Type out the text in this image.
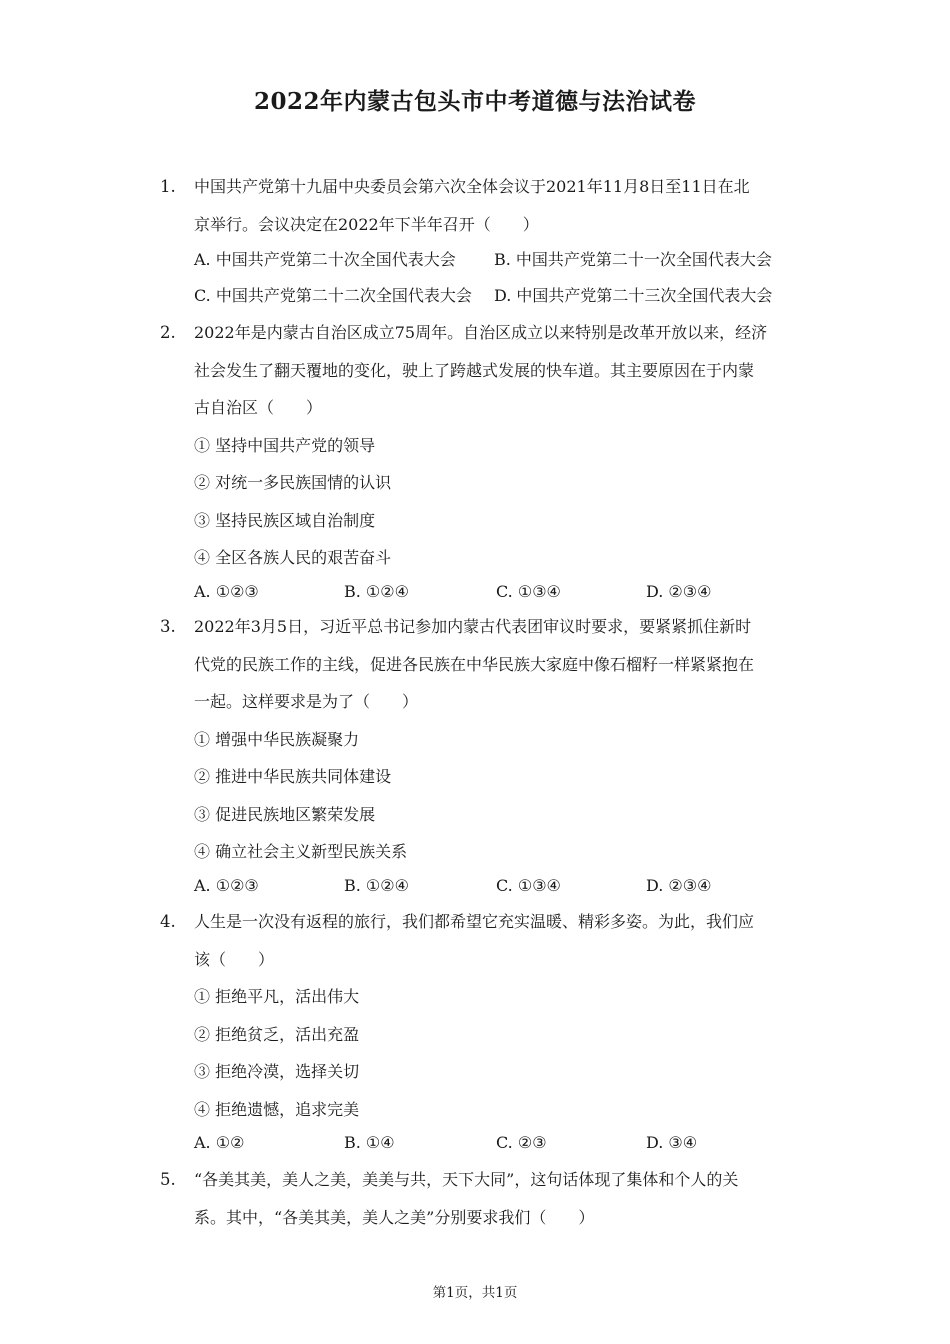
2022年内蒙古包头市中考道德与法治试卷
1. 中国共产党第十九届中央委员会第六次全体会议于2021年11月8日至11日在北
京举行。会议决定在2022年下半年召开（　　）
A. 中国共产党第二十次全国代表大会 B. 中国共产党第二十一次全国代表大会
C. 中国共产党第二十二次全国代表大会 D. 中国共产党第二十三次全国代表大会
2. 2022年是内蒙古自治区成立75周年。自治区成立以来特别是改革开放以来，经济
社会发生了翻天覆地的变化，驶上了跨越式发展的快车道。其主要原因在于内蒙
古自治区（　　）
① 坚持中国共产党的领导
② 对统一多民族国情的认识
③ 坚持民族区域自治制度
④ 全区各族人民的艰苦奋斗
A. ①②③	B. ①②④	C. ①③④	D. ②③④
3. 2022年3月5日，习近平总书记参加内蒙古代表团审议时要求，要紧紧抓住新时
代党的民族工作的主线，促进各民族在中华民族大家庭中像石榴籽一样紧紧抱在
一起。这样要求是为了（　　）
① 增强中华民族凝聚力
② 推进中华民族共同体建设
③ 促进民族地区繁荣发展
④ 确立社会主义新型民族关系
A. ①②③	B. ①②④	C. ①③④	D. ②③④
4. 人生是一次没有返程的旅行，我们都希望它充实温暖、精彩多姿。为此，我们应
该（　　）
① 拒绝平凡，活出伟大
② 拒绝贫乏，活出充盈
③ 拒绝冷漠，选择关切
④ 拒绝遗憾，追求完美
A. ①②	B. ①④	C. ②③	D. ③④
5. “各美其美，美人之美，美美与共，天下大同”，这句话体现了集体和个人的关
系。其中，“各美其美，美人之美”分别要求我们（　　）
第1页，共1页
